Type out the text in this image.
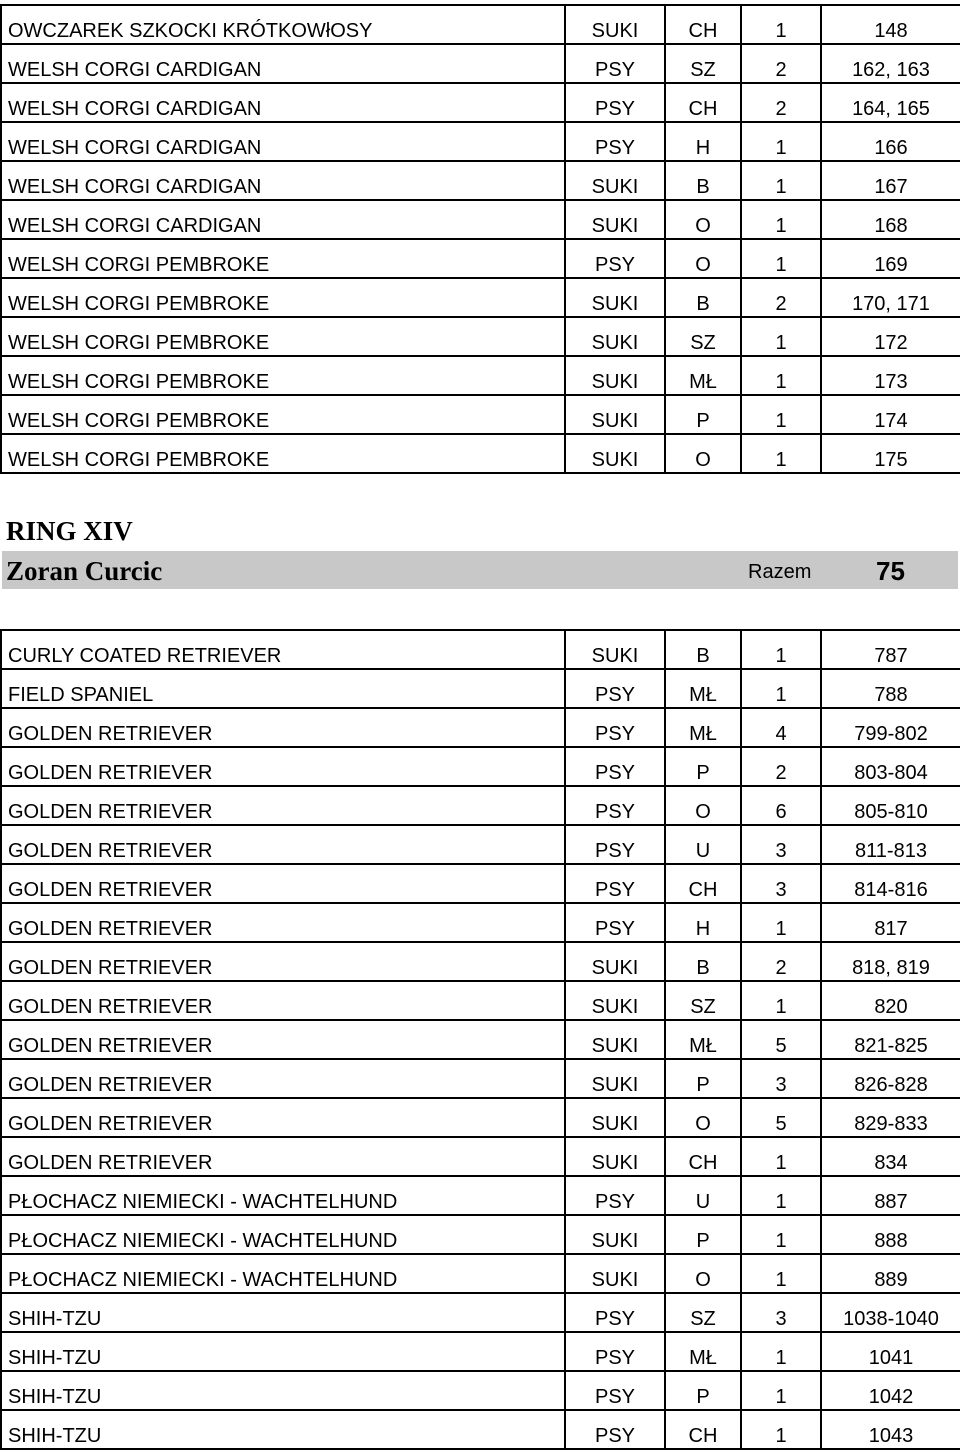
OWCZAREK SZKOCKI KRÓTKOWłOSY	SUKI	CH	1	148
WELSH CORGI CARDIGAN	PSY	SZ	2	162, 163
WELSH CORGI CARDIGAN	PSY	CH	2	164, 165
WELSH CORGI CARDIGAN	PSY	H	1	166
WELSH CORGI CARDIGAN	SUKI	B	1	167
WELSH CORGI CARDIGAN	SUKI	O	1	168
WELSH CORGI PEMBROKE	PSY	O	1	169
WELSH CORGI PEMBROKE	SUKI	B	2	170, 171
WELSH CORGI PEMBROKE	SUKI	SZ	1	172
WELSH CORGI PEMBROKE	SUKI	MŁ	1	173
WELSH CORGI PEMBROKE	SUKI	P	1	174
WELSH CORGI PEMBROKE	SUKI	O	1	175
RING XIV
Zoran Curcic	Razem 75
CURLY COATED RETRIEVER	SUKI	B	1	787
FIELD SPANIEL	PSY	MŁ	1	788
GOLDEN RETRIEVER	PSY	MŁ	4	799-802
GOLDEN RETRIEVER	PSY	P	2	803-804
GOLDEN RETRIEVER	PSY	O	6	805-810
GOLDEN RETRIEVER	PSY	U	3	811-813
GOLDEN RETRIEVER	PSY	CH	3	814-816
GOLDEN RETRIEVER	PSY	H	1	817
GOLDEN RETRIEVER	SUKI	B	2	818, 819
GOLDEN RETRIEVER	SUKI	SZ	1	820
GOLDEN RETRIEVER	SUKI	MŁ	5	821-825
GOLDEN RETRIEVER	SUKI	P	3	826-828
GOLDEN RETRIEVER	SUKI	O	5	829-833
GOLDEN RETRIEVER	SUKI	CH	1	834
PŁOCHACZ NIEMIECKI - WACHTELHUND	PSY	U	1	887
PŁOCHACZ NIEMIECKI - WACHTELHUND	SUKI	P	1	888
PŁOCHACZ NIEMIECKI - WACHTELHUND	SUKI	O	1	889
SHIH-TZU	PSY	SZ	3	1038-1040
SHIH-TZU	PSY	MŁ	1	1041
SHIH-TZU	PSY	P	1	1042
SHIH-TZU	PSY	CH	1	1043
